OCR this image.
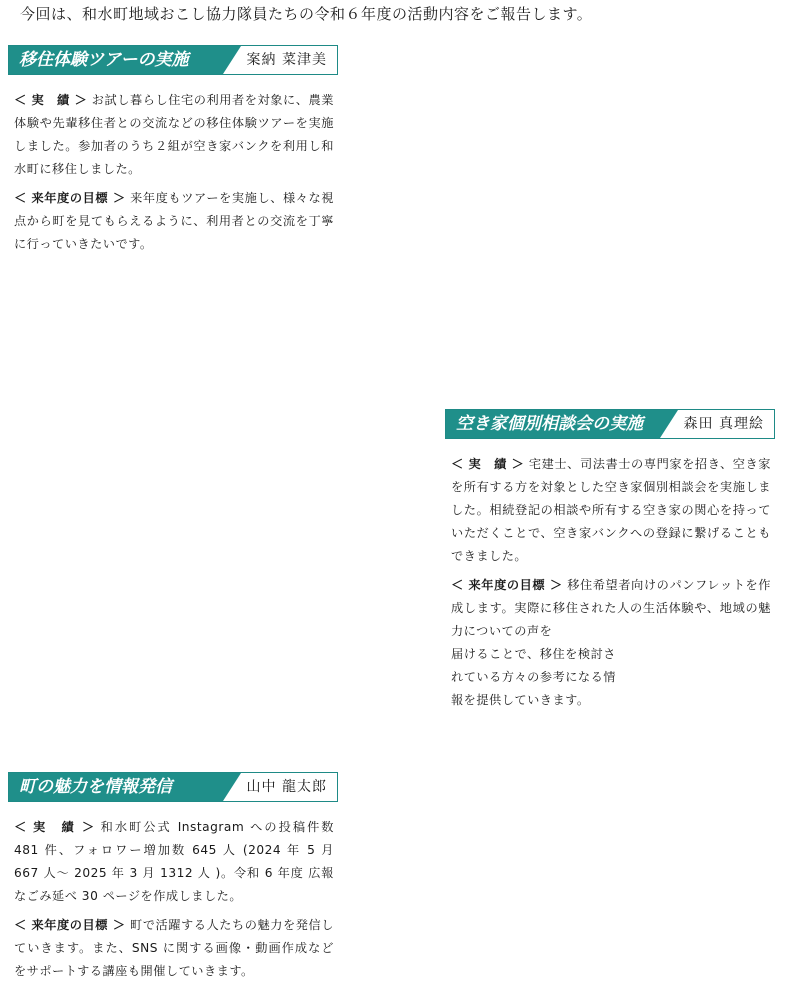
今回は、和水町地域おこし協力隊員たちの令和６年度の活動内容をご報告します。
移住体験ツアーの実施	案納 菜津美

＜ 実　績 ＞ お試し暮らし住宅の利用者を対象に、農業体験や先輩移住者との交流などの移住体験ツアーを実施しました。参加者のうち２組が空き家バンクを利用し和水町に移住しました。

＜ 来年度の目標 ＞ 来年度もツアーを実施し、様々な視点から町を見てもらえるように、利用者との交流を丁寧に行っていきたいです。

空き家個別相談会の実施	森田 真理絵

＜ 実　績 ＞ 宅建士、司法書士の専門家を招き、空き家を所有する方を対象とした空き家個別相談会を実施しました。相続登記の相談や所有する空き家の関心を持っていただくことで、空き家バンクへの登録に繋げることもできました。

＜ 来年度の目標 ＞ 移住希望者向けのパンフレットを作成します。実際に移住された人の生活体験や、地域の魅力についての声を

届けることで、移住を検討されている方々の参考になる情報を提供していきます。

町の魅力を情報発信	山中 龍太郎

＜ 実　績 ＞ 和水町公式 Instagram への投稿件数 481 件、フォロワー増加数 645 人 (2024 年 5 月 667 人～ 2025 年 3 月 1312 人 )。令和 6 年度 広報なごみ延べ 30 ページを作成しました。

＜ 来年度の目標 ＞ 町で活躍する人たちの魅力を発信していきます。また、SNS に関する画像・動画作成などをサポートする講座も開催していきます。
